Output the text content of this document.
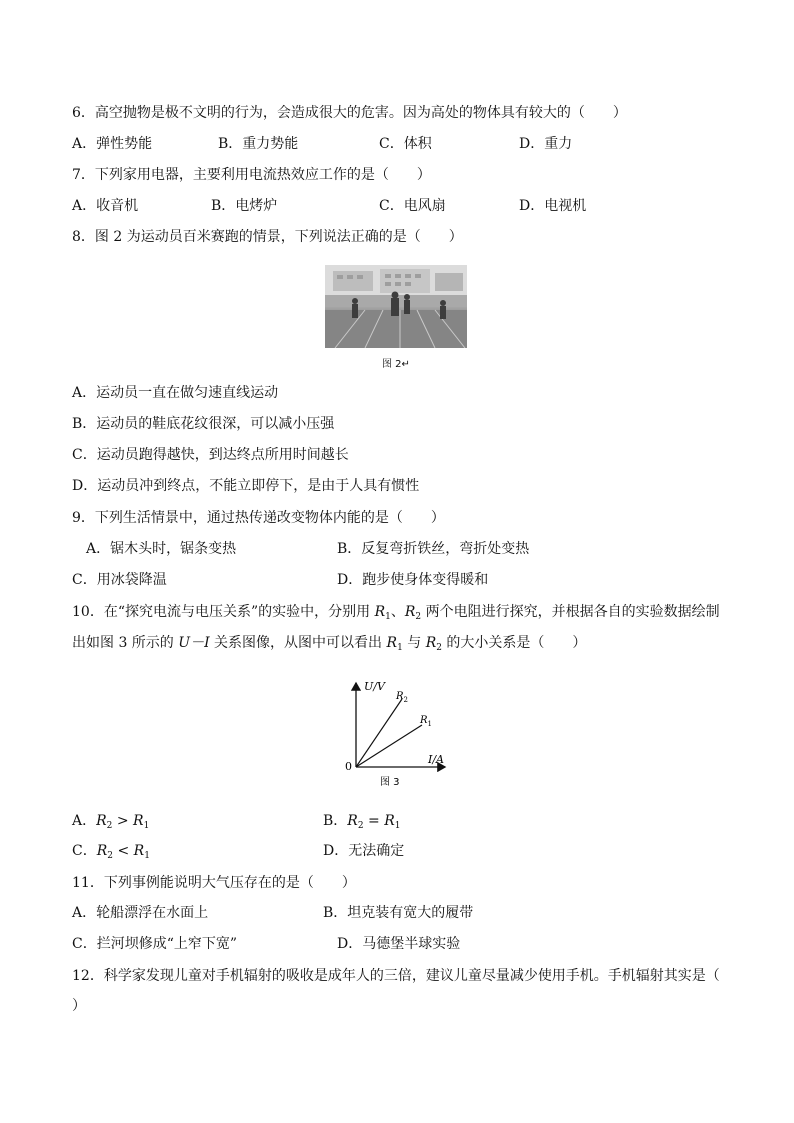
6．高空抛物是极不文明的行为，会造成很大的危害。因为高处的物体具有较大的（　　）
A．弹性势能	B．重力势能	C．体积	D．重力
7．下列家用电器，主要利用电流热效应工作的是（　　）
A．收音机	B．电烤炉	C．电风扇	D．电视机
8．图 2 为运动员百米赛跑的情景，下列说法正确的是（　　）
图 2↵
A．运动员一直在做匀速直线运动
B．运动员的鞋底花纹很深，可以减小压强
C．运动员跑得越快，到达终点所用时间越长
D．运动员冲到终点，不能立即停下，是由于人具有惯性
9．下列生活情景中，通过热传递改变物体内能的是（　　）
A．锯木头时，锯条变热	B．反复弯折铁丝，弯折处变热
C．用冰袋降温	D．跑步使身体变得暖和
10．在“探究电流与电压关系”的实验中，分别用 $R_1$、$R_2$ 两个电阻进行探究，并根据各自的实验数据绘制
出如图 3 所示的 U－I 关系图像，从图中可以看出 $R_1$ 与 $R_2$ 的大小关系是（　　）
U/V
I/A
0
$R_2$
$R_1$
图 3
A．$R_2 > R_1$	B．$R_2 = R_1$
C．$R_2 < R_1$	D．无法确定
11．下列事例能说明大气压存在的是（　　）
A．轮船漂浮在水面上	B．坦克装有宽大的履带
C．拦河坝修成“上窄下宽”	D．马德堡半球实验
12．科学家发现儿童对手机辐射的吸收是成年人的三倍，建议儿童尽量减少使用手机。手机辐射其实是（
）
